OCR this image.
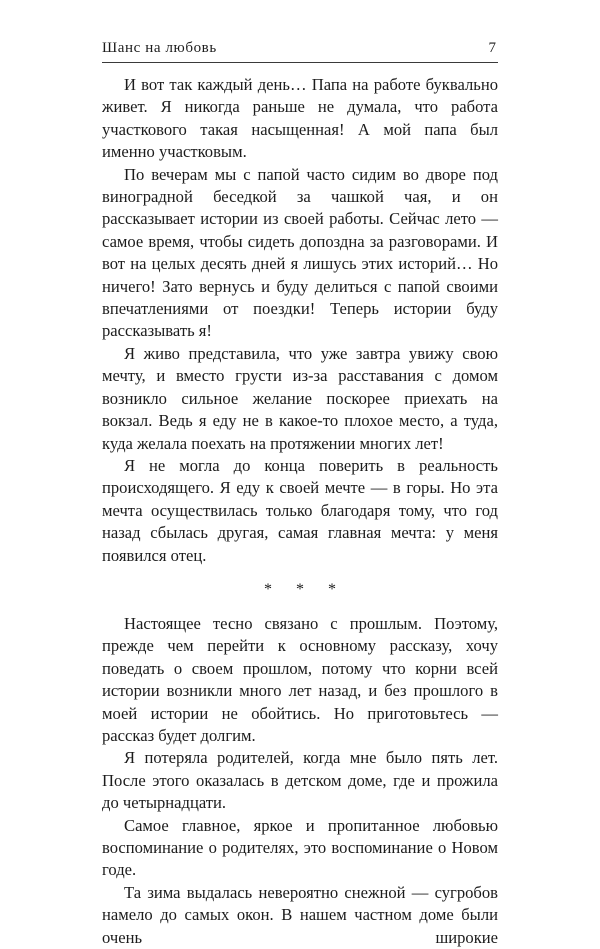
Шанс на любовь	7

И вот так каждый день… Папа на работе буквально живет. Я никогда раньше не думала, что работа участкового такая насыщенная! А мой папа был именно участковым.

По вечерам мы с папой часто сидим во дворе под виноградной беседкой за чашкой чая, и он рассказывает истории из своей работы. Сейчас лето — самое время, чтобы сидеть допоздна за разговорами. И вот на целых десять дней я лишусь этих историй… Но ничего! Зато вернусь и буду делиться с папой своими впечатлениями от поездки! Теперь истории буду рассказывать я!

Я живо представила, что уже завтра увижу свою мечту, и вместо грусти из-за расставания с домом возникло сильное желание поскорее приехать на вокзал. Ведь я еду не в какое-то плохое место, а туда, куда желала поехать на протяжении многих лет!

Я не могла до конца поверить в реальность происходящего. Я еду к своей мечте — в горы. Но эта мечта осуществилась только благодаря тому, что год назад сбылась другая, самая главная мечта: у меня появился отец.

* * *

Настоящее тесно связано с прошлым. Поэтому, прежде чем перейти к основному рассказу, хочу поведать о своем прошлом, потому что корни всей истории возникли много лет назад, и без прошлого в моей истории не обойтись. Но приготовьтесь — рассказ будет долгим.

Я потеряла родителей, когда мне было пять лет. После этого оказалась в детском доме, где и прожила до четырнадцати.

Самое главное, яркое и пропитанное любовью воспоминание о родителях, это воспоминание о Новом годе.

Та зима выдалась невероятно снежной — сугробов намело до самых окон. В нашем частном доме были очень широкие
